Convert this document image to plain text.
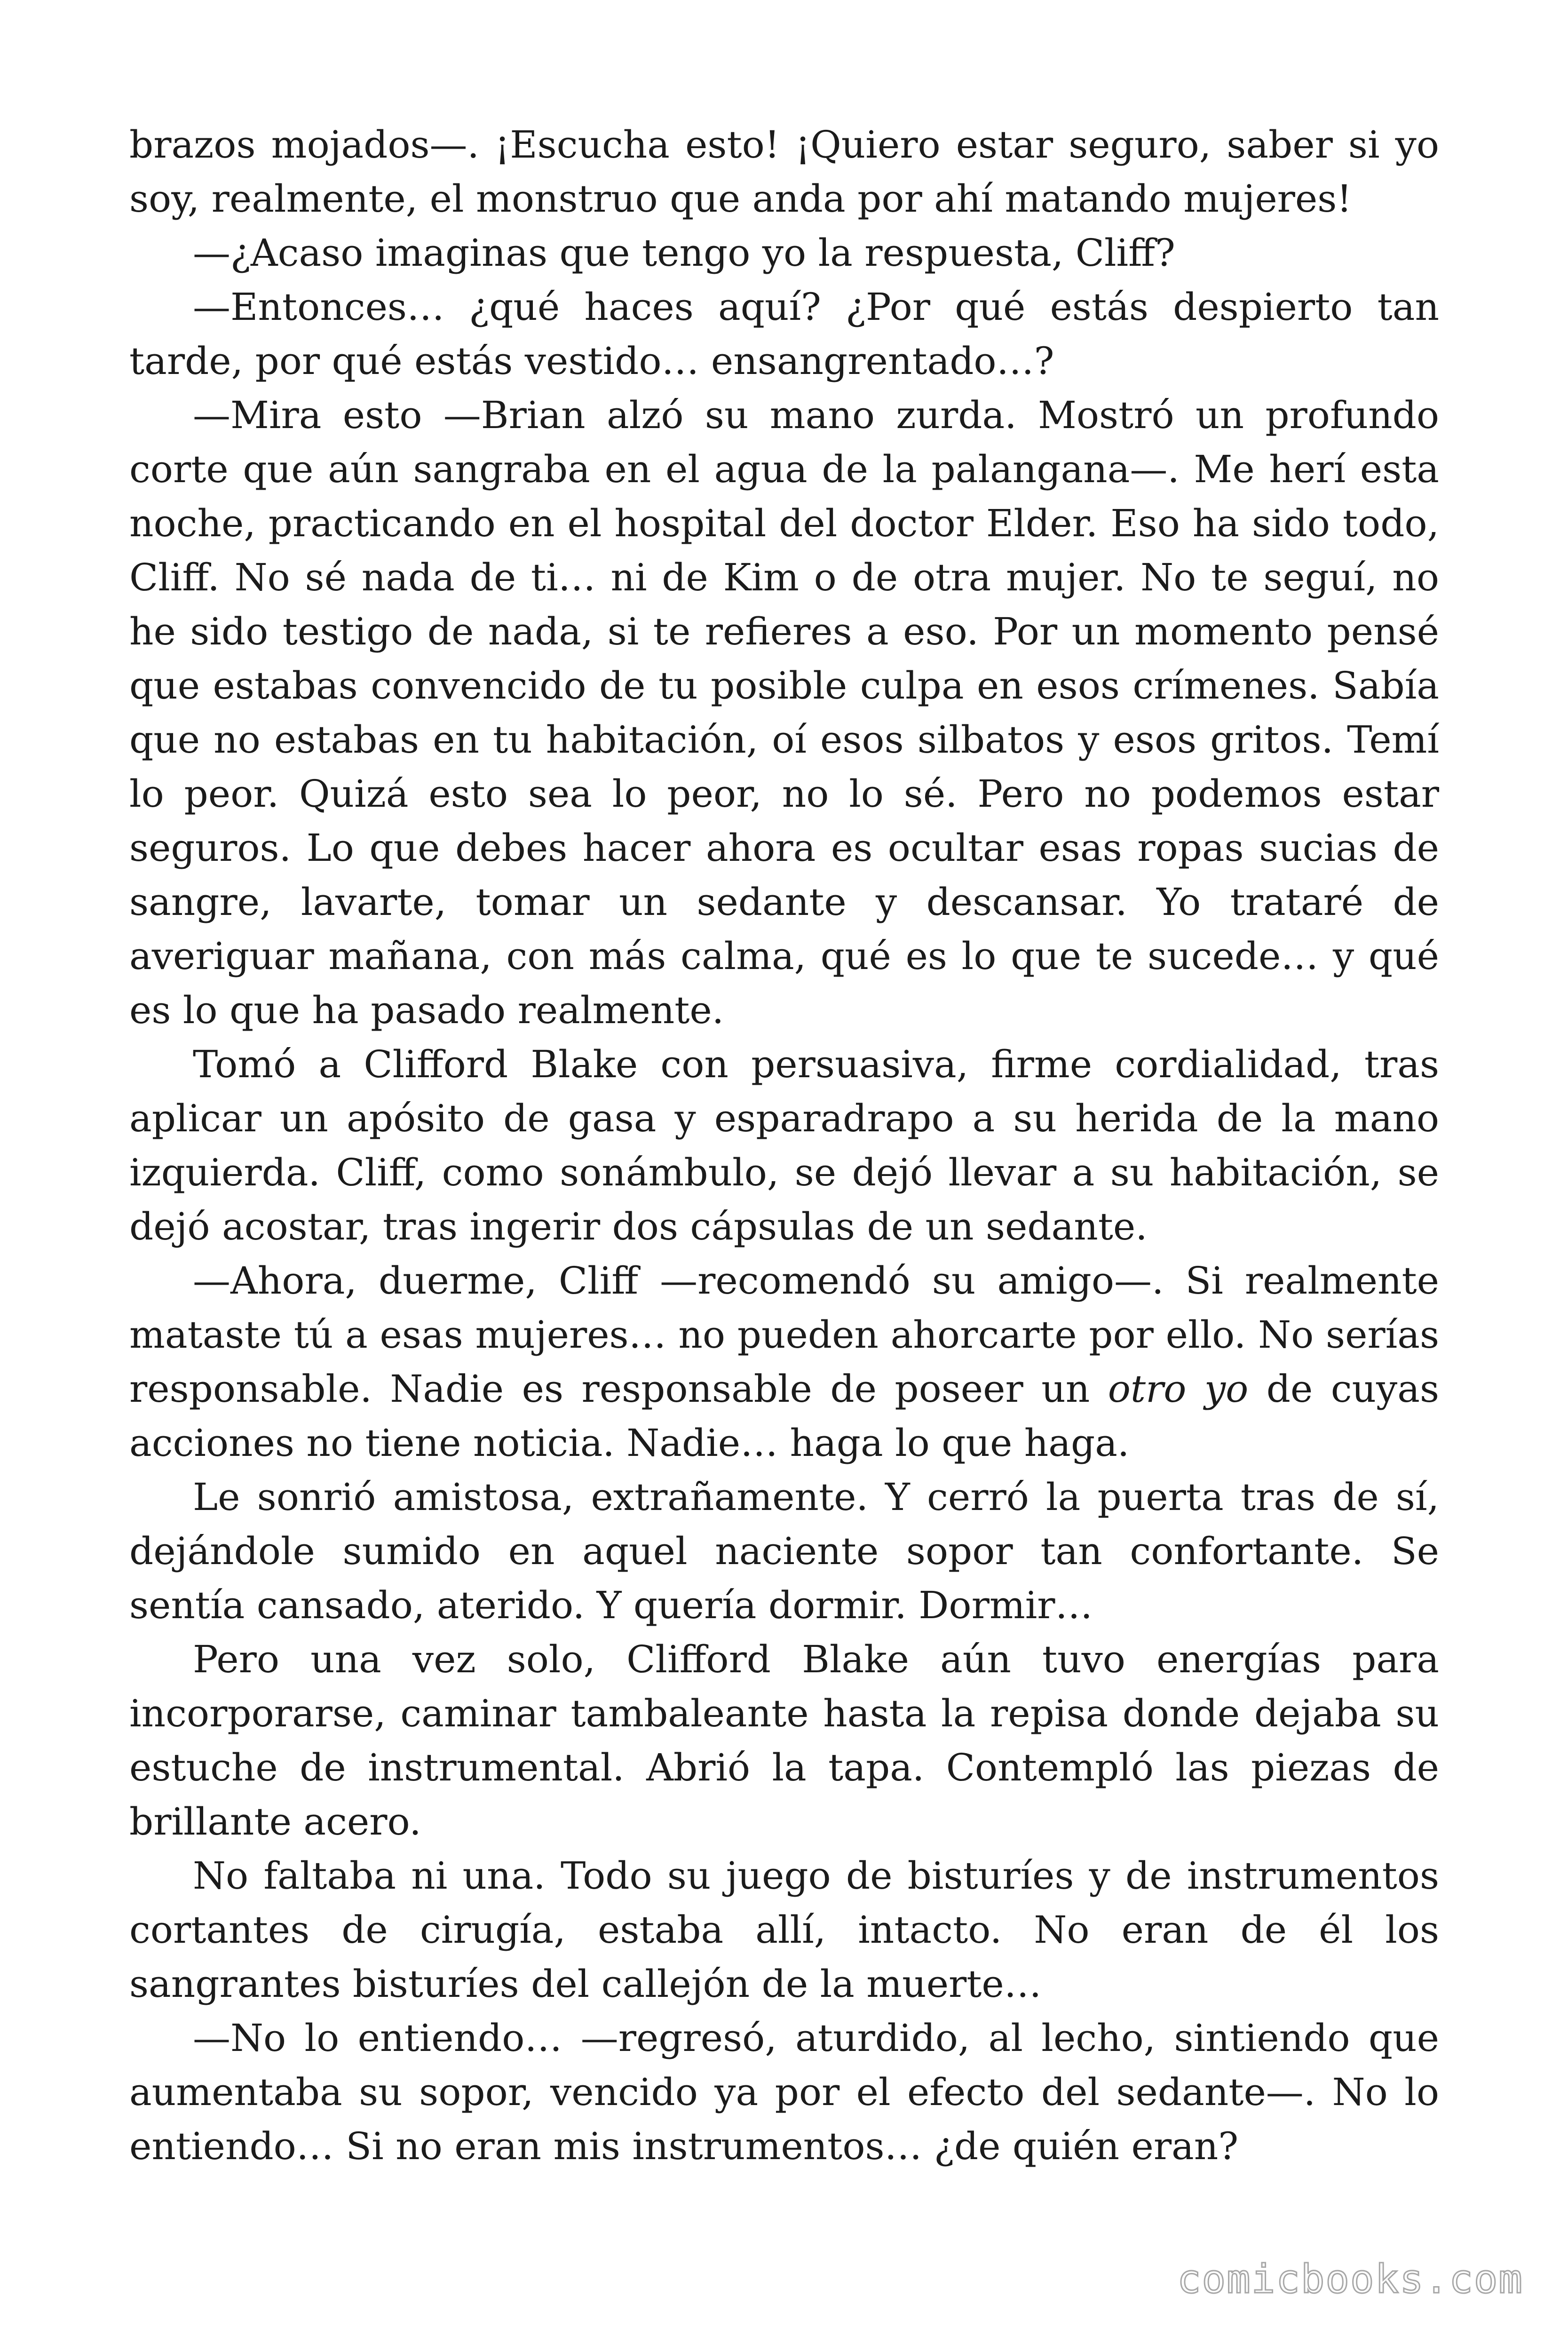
brazos mojados—. ¡Escucha esto! ¡Quiero estar seguro, saber si yo soy, realmente, el monstruo que anda por ahí matando mujeres!

—¿Acaso imaginas que tengo yo la respuesta, Cliff?

—Entonces… ¿qué haces aquí? ¿Por qué estás despierto tan tarde, por qué estás vestido… ensangrentado…?

—Mira esto —Brian alzó su mano zurda. Mostró un profundo corte que aún sangraba en el agua de la palangana—. Me herí esta noche, practicando en el hospital del doctor Elder. Eso ha sido todo, Cliff. No sé nada de ti… ni de Kim o de otra mujer. No te seguí, no he sido testigo de nada, si te refieres a eso. Por un momento pensé que estabas convencido de tu posible culpa en esos crímenes. Sabía que no estabas en tu habitación, oí esos silbatos y esos gritos. Temí lo peor. Quizá esto sea lo peor, no lo sé. Pero no podemos estar seguros. Lo que debes hacer ahora es ocultar esas ropas sucias de sangre, lavarte, tomar un sedante y descansar. Yo trataré de averiguar mañana, con más calma, qué es lo que te sucede… y qué es lo que ha pasado realmente.

Tomó a Clifford Blake con persuasiva, firme cordialidad, tras aplicar un apósito de gasa y esparadrapo a su herida de la mano izquierda. Cliff, como sonámbulo, se dejó llevar a su habitación, se dejó acostar, tras ingerir dos cápsulas de un sedante.

—Ahora, duerme, Cliff —recomendó su amigo—. Si realmente mataste tú a esas mujeres… no pueden ahorcarte por ello. No serías responsable. Nadie es responsable de poseer un otro yo de cuyas acciones no tiene noticia. Nadie… haga lo que haga.

Le sonrió amistosa, extrañamente. Y cerró la puerta tras de sí, dejándole sumido en aquel naciente sopor tan confortante. Se sentía cansado, aterido. Y quería dormir. Dormir…

Pero una vez solo, Clifford Blake aún tuvo energías para incorporarse, caminar tambaleante hasta la repisa donde dejaba su estuche de instrumental. Abrió la tapa. Contempló las piezas de brillante acero.

No faltaba ni una. Todo su juego de bisturíes y de instrumentos cortantes de cirugía, estaba allí, intacto. No eran de él los sangrantes bisturíes del callejón de la muerte…

—No lo entiendo… —regresó, aturdido, al lecho, sintiendo que aumentaba su sopor, vencido ya por el efecto del sedante—. No lo entiendo… Si no eran mis instrumentos… ¿de quién eran?

comicbooks.com
